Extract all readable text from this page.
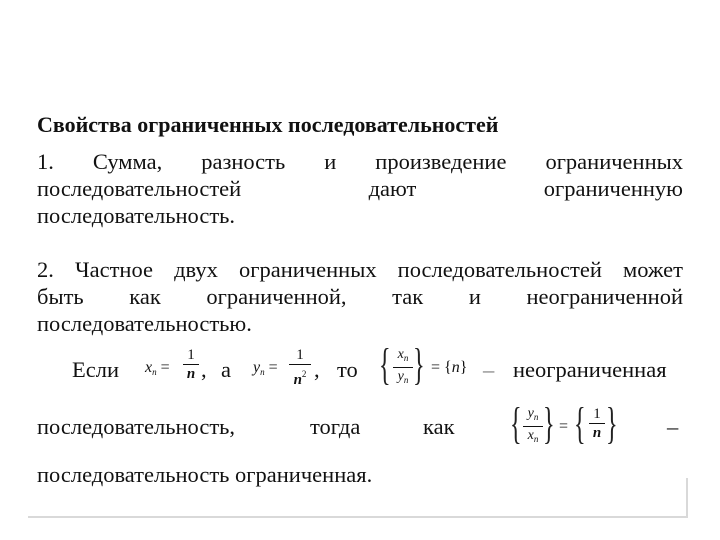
Свойства ограниченных последовательностей
1. Сумма, разность и произведение ограниченных
последовательностей дают ограниченную
последовательность.
2. Частное двух ограниченных последовательностей может
быть как ограниченной, так и неограниченной
последовательностью.
Если $x_n$ =
1
n , а $y_n$ =
1
$n^2$ , то { $x_n$
$y_n$ } = {n} – неограниченная
последовательность,	тогда	как { $y_n$
$x_n$ } = { 1
n } –
последовательность ограниченная.
